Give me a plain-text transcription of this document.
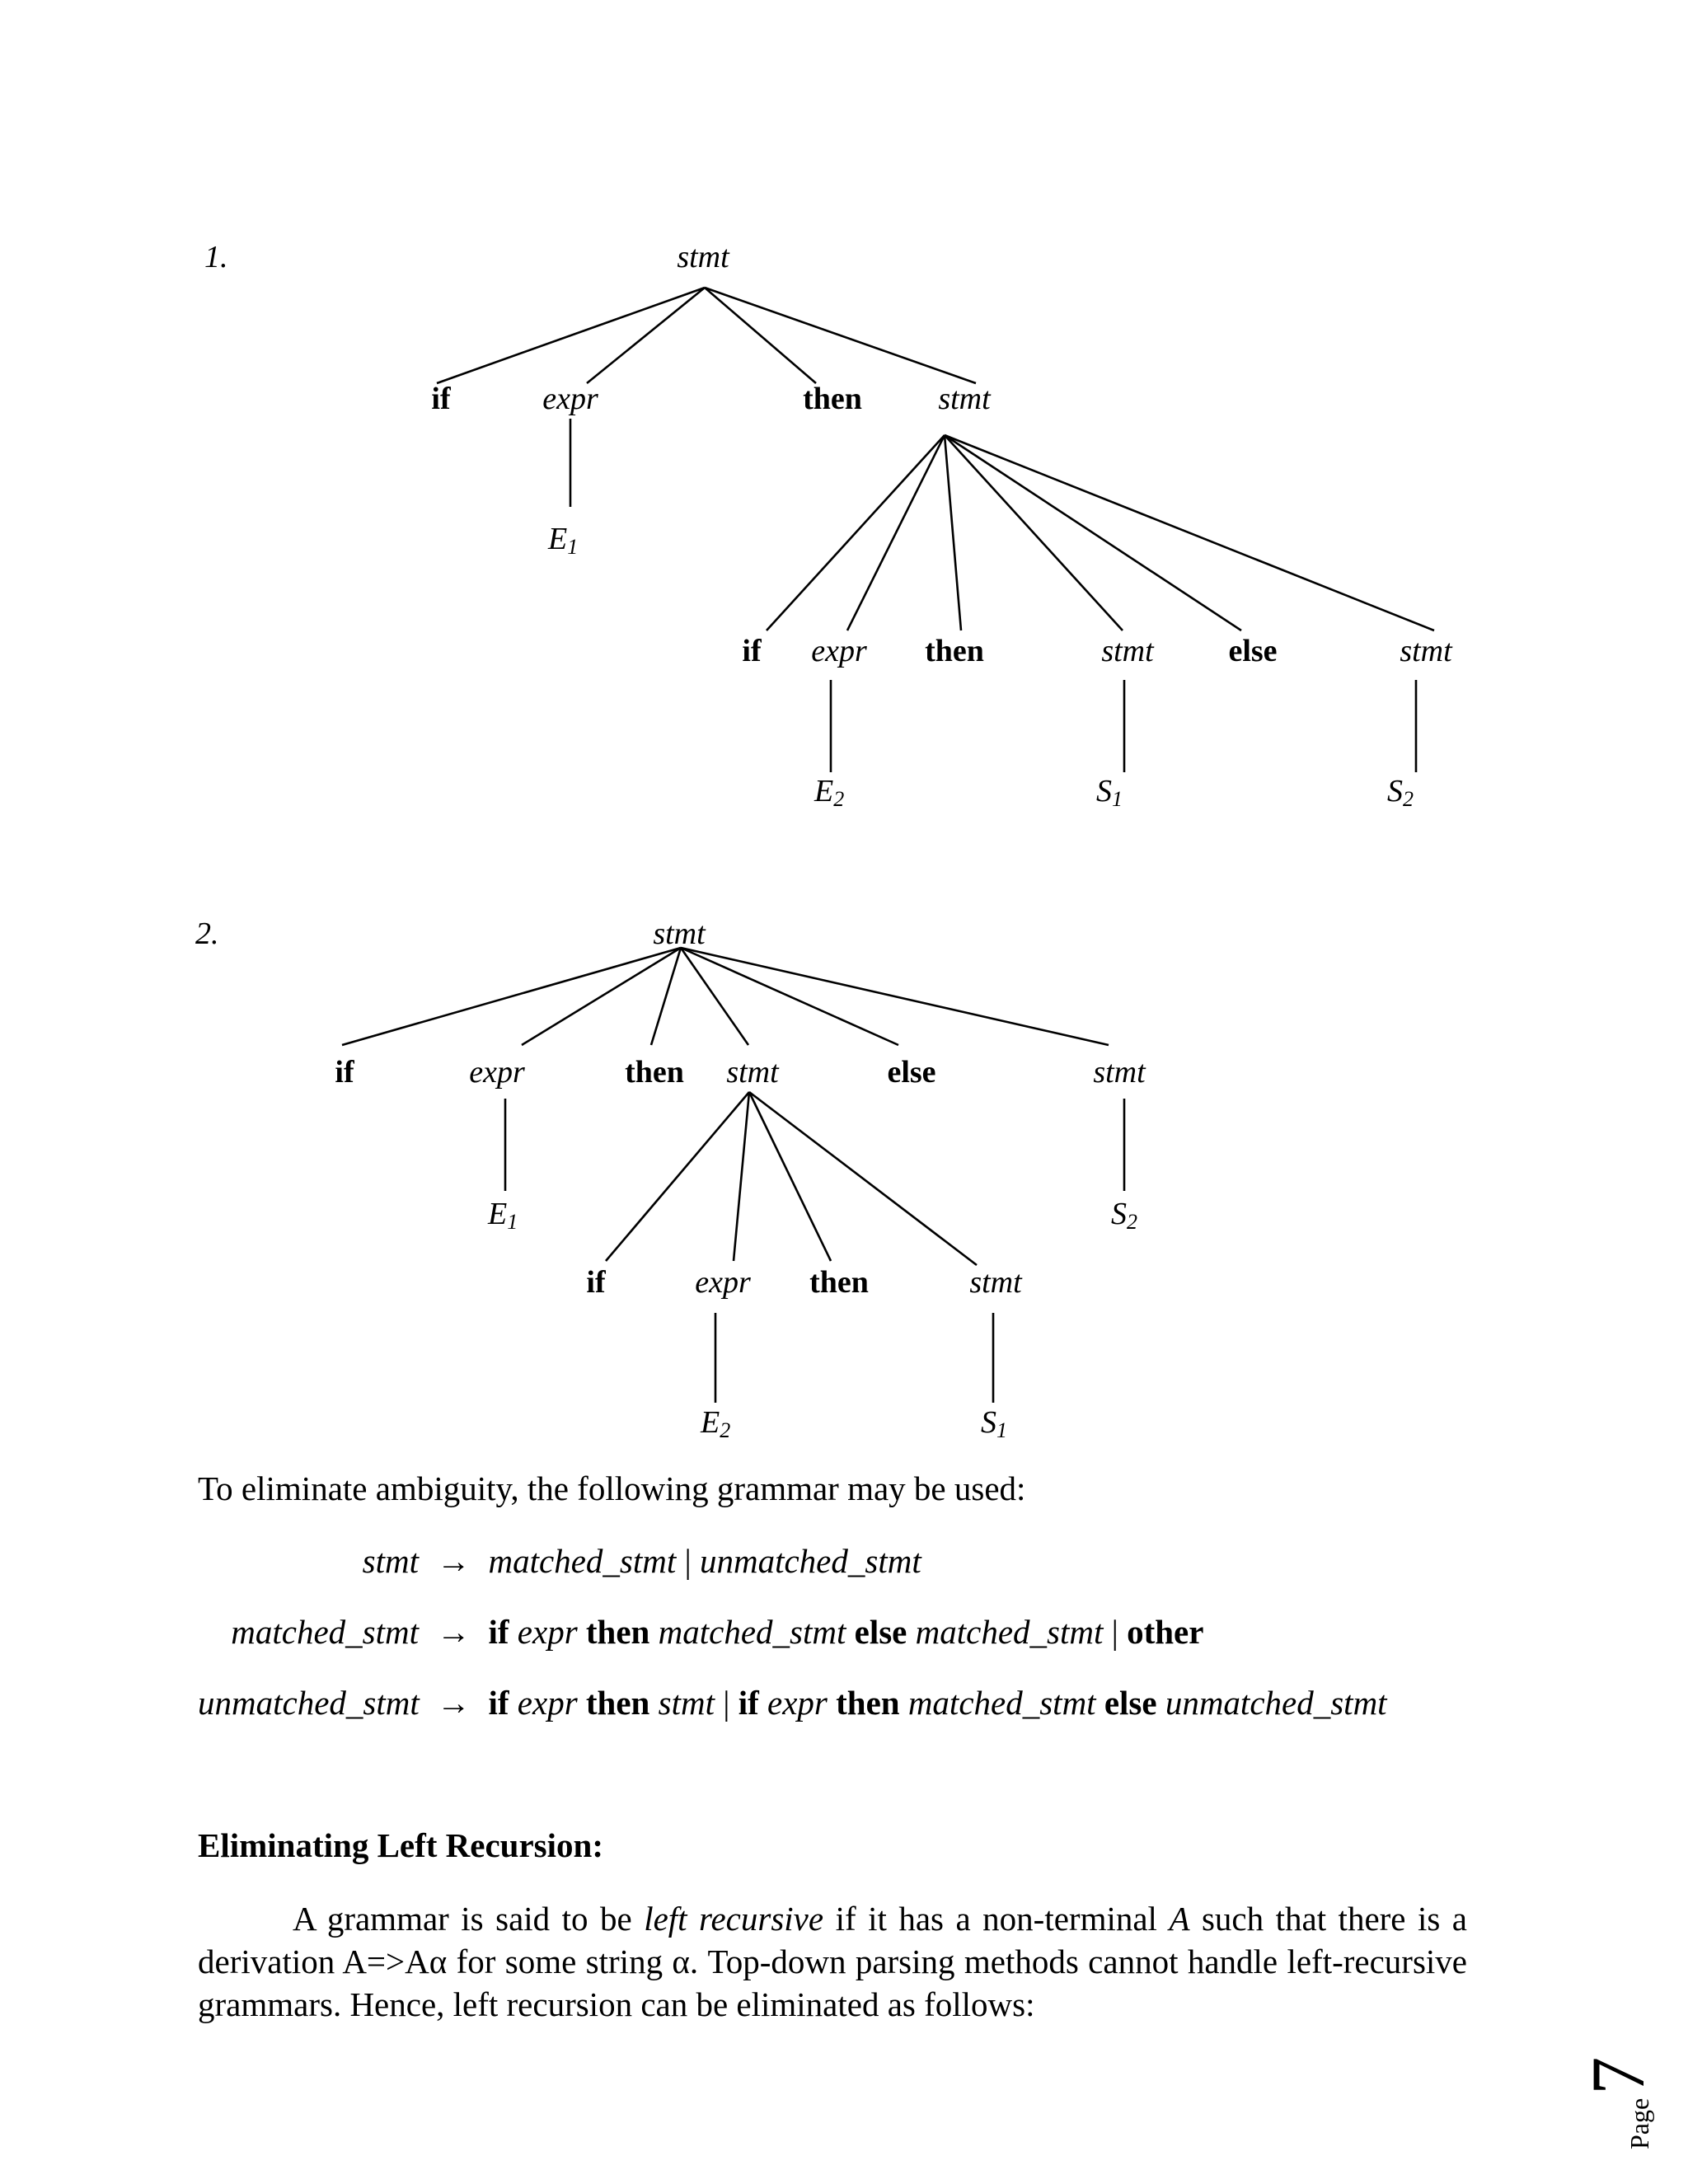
1.	stmt
if	expr	then stmt
E1
if expr then	stmt else	stmt
E2	S1	S2
2.	stmt
if	expr	then stmt	else	stmt
E1	S2
if	expr then	stmt
E2	S1
To eliminate ambiguity, the following grammar may be used:
stmt → matched_stmt | unmatched_stmt
matched_stmt → if expr then matched_stmt else matched_stmt | other
unmatched_stmt → if expr then stmt | if expr then matched_stmt else unmatched_stmt
Eliminating Left Recursion:
A grammar is said to be left recursive if it has a non-terminal A such that there is a derivation A=>Aα for some string α. Top-down parsing methods cannot handle left-recursive grammars. Hence, left recursion can be eliminated as follows:
Page7
